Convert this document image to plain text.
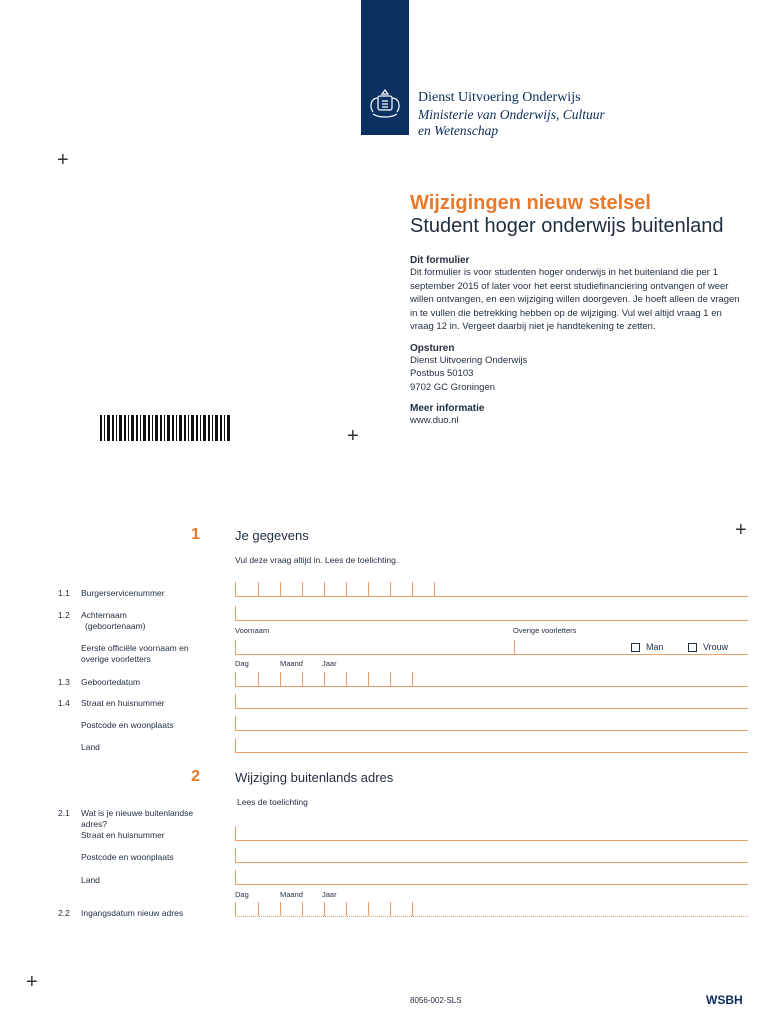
Dienst Uitvoering Onderwijs
Ministerie van Onderwijs, Cultuur en Wetenschap
+
+
+
+
Wijzigingen nieuw stelsel
Student hoger onderwijs buitenland
Dit formulier
Dit formulier is voor studenten hoger onderwijs in het buitenland die per 1 september 2015 of later voor het eerst studiefinanciering ontvangen of weer willen ontvangen, en een wijziging willen doorgeven. Je hoeft alleen de vragen in te vullen die betrekking hebben op de wijziging. Vul wel altijd vraag 1 en vraag 12 in. Vergeet daarbij niet je handtekening te zetten.
Opsturen
Dienst Uitvoering Onderwijs
Postbus 50103
9702 GC Groningen
Meer informatie
www.duo.nl
1	Je gegevens
Vul deze vraag altijd in. Lees de toelichting.
1.1 Burgerservicenummer
1.2 Achternaam
(geboortenaam)	Voornaam	Overige voorletters
Eerste officiële voornaam en
overige voorletters
Man	Vrouw
Dag	Maand	Jaar
1.3 Geboortedatum
1.4 Straat en huisnummer
Postcode en woonplaats
Land
2	Wijziging buitenlands adres
Lees de toelichting
2.1 Wat is je nieuwe buitenlandse
adres?
Straat en huisnummer
Postcode en woonplaats
Land
Dag	Maand	Jaar
2.2 Ingangsdatum nieuw adres
8056-002-SLS	WSBH
